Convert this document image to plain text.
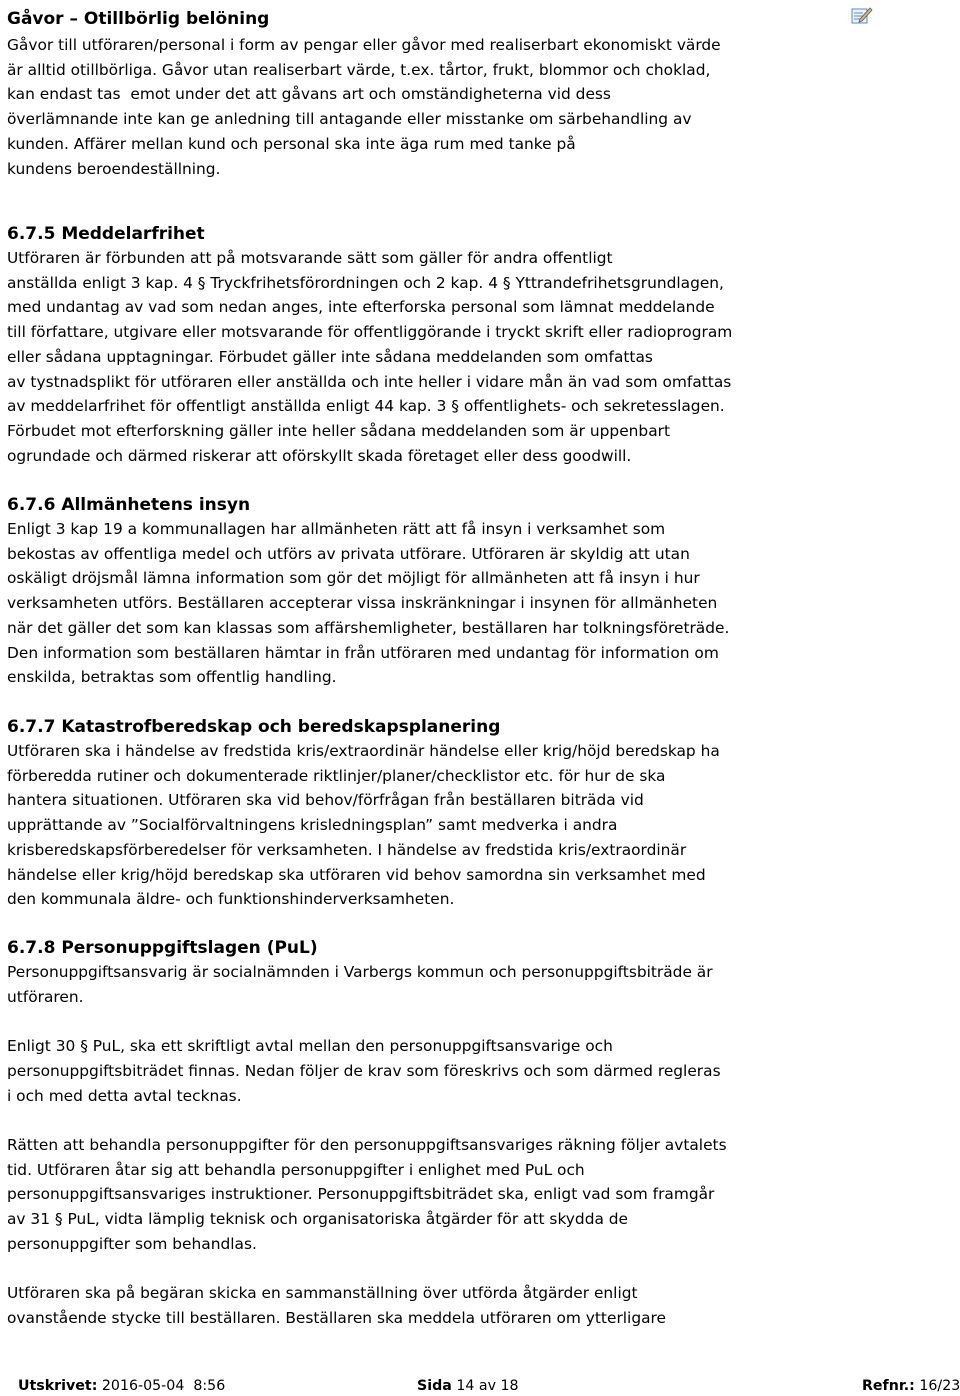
Gåvor – Otillbörlig belöning

Gåvor till utföraren/personal i form av pengar eller gåvor med realiserbart ekonomiskt värde

är alltid otillbörliga. Gåvor utan realiserbart värde, t.ex. tårtor, frukt, blommor och choklad,

kan endast tas  emot under det att gåvans art och omständigheterna vid dess

överlämnande inte kan ge anledning till antagande eller misstanke om särbehandling av

kunden. Affärer mellan kund och personal ska inte äga rum med tanke på

kundens beroendeställning.

6.7.5 Meddelarfrihet

Utföraren är förbunden att på motsvarande sätt som gäller för andra offentligt

anställda enligt 3 kap. 4 § Tryckfrihetsförordningen och 2 kap. 4 § Yttrandefrihetsgrundlagen,

med undantag av vad som nedan anges, inte efterforska personal som lämnat meddelande

till författare, utgivare eller motsvarande för offentliggörande i tryckt skrift eller radioprogram

eller sådana upptagningar. Förbudet gäller inte sådana meddelanden som omfattas

av tystnadsplikt för utföraren eller anställda och inte heller i vidare mån än vad som omfattas

av meddelarfrihet för offentligt anställda enligt 44 kap. 3 § offentlighets- och sekretesslagen.

Förbudet mot efterforskning gäller inte heller sådana meddelanden som är uppenbart

ogrundade och därmed riskerar att oförskyllt skada företaget eller dess goodwill.

6.7.6 Allmänhetens insyn

Enligt 3 kap 19 a kommunallagen har allmänheten rätt att få insyn i verksamhet som

bekostas av offentliga medel och utförs av privata utförare. Utföraren är skyldig att utan

oskäligt dröjsmål lämna information som gör det möjligt för allmänheten att få insyn i hur

verksamheten utförs. Beställaren accepterar vissa inskränkningar i insynen för allmänheten

när det gäller det som kan klassas som affärshemligheter, beställaren har tolkningsföreträde.

Den information som beställaren hämtar in från utföraren med undantag för information om

enskilda, betraktas som offentlig handling.

6.7.7 Katastrofberedskap och beredskapsplanering

Utföraren ska i händelse av fredstida kris/extraordinär händelse eller krig/höjd beredskap ha

förberedda rutiner och dokumenterade riktlinjer/planer/checklistor etc. för hur de ska

hantera situationen. Utföraren ska vid behov/förfrågan från beställaren biträda vid

upprättande av ”Socialförvaltningens krisledningsplan” samt medverka i andra

krisberedskapsförberedelser för verksamheten. I händelse av fredstida kris/extraordinär

händelse eller krig/höjd beredskap ska utföraren vid behov samordna sin verksamhet med

den kommunala äldre- och funktionshinderverksamheten.

6.7.8 Personuppgiftslagen (PuL)

Personuppgiftsansvarig är socialnämnden i Varbergs kommun och personuppgiftsbiträde är

utföraren.

Enligt 30 § PuL, ska ett skriftligt avtal mellan den personuppgiftsansvarige och

personuppgiftsbiträdet finnas. Nedan följer de krav som föreskrivs och som därmed regleras

i och med detta avtal tecknas.

Rätten att behandla personuppgifter för den personuppgiftsansvariges räkning följer avtalets

tid. Utföraren åtar sig att behandla personuppgifter i enlighet med PuL och

personuppgiftsansvariges instruktioner. Personuppgiftsbiträdet ska, enligt vad som framgår

av 31 § PuL, vidta lämplig teknisk och organisatoriska åtgärder för att skydda de

personuppgifter som behandlas.

Utföraren ska på begäran skicka en sammanställning över utförda åtgärder enligt

ovanstående stycke till beställaren. Beställaren ska meddela utföraren om ytterligare

Utskrivet: 2016-05-04  8:56	Sida 14 av 18	Refnr.: 16/23
